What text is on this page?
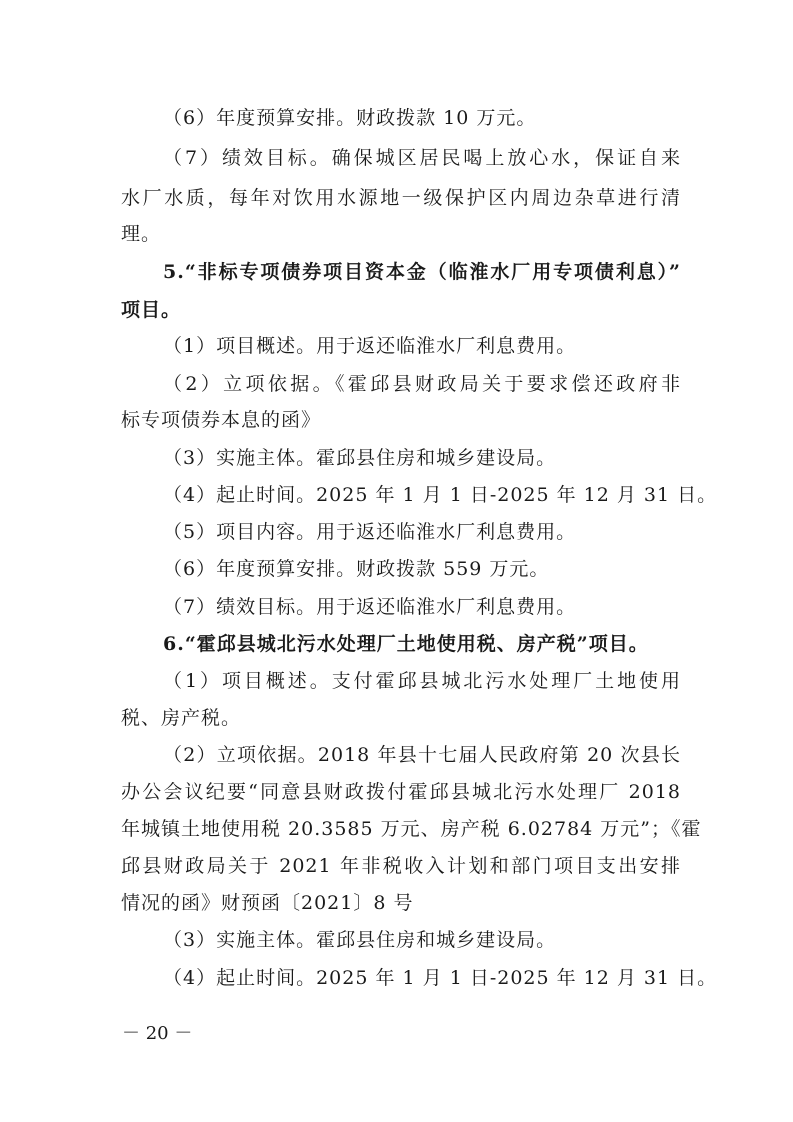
（6）年度预算安排。财政拨款 10 万元。
（7）绩效目标。确保城区居民喝上放心水，保证自来
水厂水质，每年对饮用水源地一级保护区内周边杂草进行清
理。
5.“非标专项债券项目资本金（临淮水厂用专项债利息）”
项目。
（1）项目概述。用于返还临淮水厂利息费用。
（2）立项依据。《霍邱县财政局关于要求偿还政府非
标专项债券本息的函》
（3）实施主体。霍邱县住房和城乡建设局。
（4）起止时间。2025 年 1 月 1 日-2025 年 12 月 31 日。
（5）项目内容。用于返还临淮水厂利息费用。
（6）年度预算安排。财政拨款 559 万元。
（7）绩效目标。用于返还临淮水厂利息费用。
6.“霍邱县城北污水处理厂土地使用税、房产税”项目。
（1）项目概述。支付霍邱县城北污水处理厂土地使用
税、房产税。
（2）立项依据。2018 年县十七届人民政府第 20 次县长
办公会议纪要“同意县财政拨付霍邱县城北污水处理厂 2018
年城镇土地使用税 20.3585 万元、房产税 6.02784 万元”；《霍
邱县财政局关于 2021 年非税收入计划和部门项目支出安排
情况的函》财预函〔2021〕8 号
（3）实施主体。霍邱县住房和城乡建设局。
（4）起止时间。2025 年 1 月 1 日-2025 年 12 月 31 日。
－ 20 －
